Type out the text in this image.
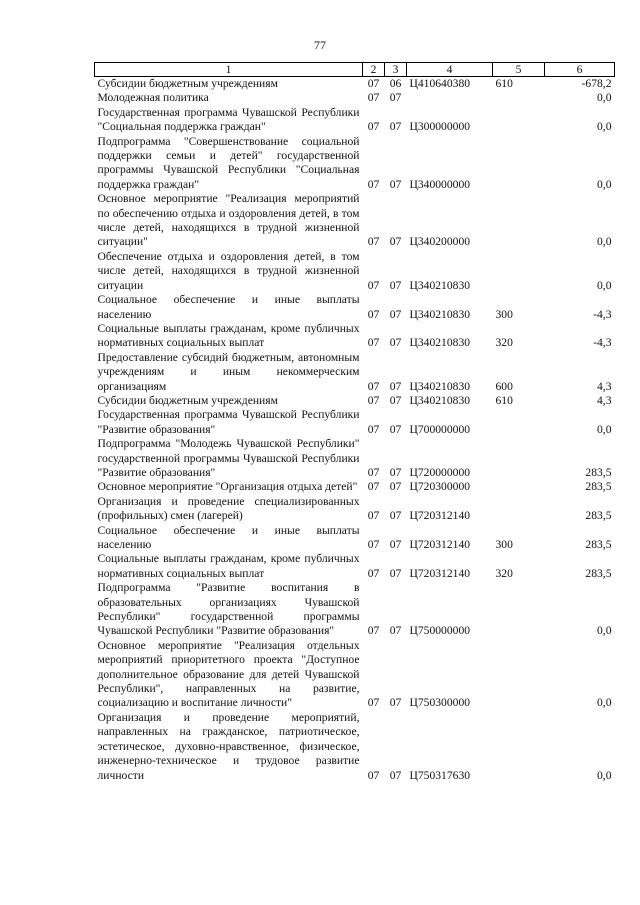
77
1	2	3	4	5	6
Субсидии бюджетным учреждениям	07	06	Ц410640380	610	-678,2
Молодежная политика	07	07			0,0
Государственная программа Чувашской Республики "Социальная поддержка граждан"	07	07	Ц300000000		0,0
Подпрограмма "Совершенствование социальной поддержки семьи и детей" государственной программы Чувашской Республики "Социальная поддержка граждан"	07	07	Ц340000000		0,0
Основное мероприятие "Реализация мероприятий по обеспечению отдыха и оздоровления детей, в том числе детей, находящихся в трудной жизненной ситуации"	07	07	Ц340200000		0,0
Обеспечение отдыха и оздоровления детей, в том числе детей, находящихся в трудной жизненной ситуации	07	07	Ц340210830		0,0
Социальное обеспечение и иные выплаты населению	07	07	Ц340210830	300	-4,3
Социальные выплаты гражданам, кроме публичных нормативных социальных выплат	07	07	Ц340210830	320	-4,3
Предоставление субсидий бюджетным, автономным учреждениям и иным некоммерческим организациям	07	07	Ц340210830	600	4,3
Субсидии бюджетным учреждениям	07	07	Ц340210830	610	4,3
Государственная программа Чувашской Республики "Развитие образования"	07	07	Ц700000000		0,0
Подпрограмма "Молодежь Чувашской Республики" государственной программы Чувашской Республики "Развитие образования"	07	07	Ц720000000		283,5
Основное мероприятие "Организация отдыха детей"	07	07	Ц720300000		283,5
Организация и проведение специализированных (профильных) смен (лагерей)	07	07	Ц720312140		283,5
Социальное обеспечение и иные выплаты населению	07	07	Ц720312140	300	283,5
Социальные выплаты гражданам, кроме публичных нормативных социальных выплат	07	07	Ц720312140	320	283,5
Подпрограмма "Развитие воспитания в образовательных организациях Чувашской Республики" государственной программы Чувашской Республики "Развитие образования"	07	07	Ц750000000		0,0
Основное мероприятие "Реализация отдельных мероприятий приоритетного проекта "Доступное дополнительное образование для детей Чувашской Республики", направленных на развитие, социализацию и воспитание личности"	07	07	Ц750300000		0,0
Организация и проведение мероприятий, направленных на гражданское, патриотическое, эстетическое, духовно-нравственное, физическое, инженерно-техническое и трудовое развитие личности	07	07	Ц750317630		0,0
